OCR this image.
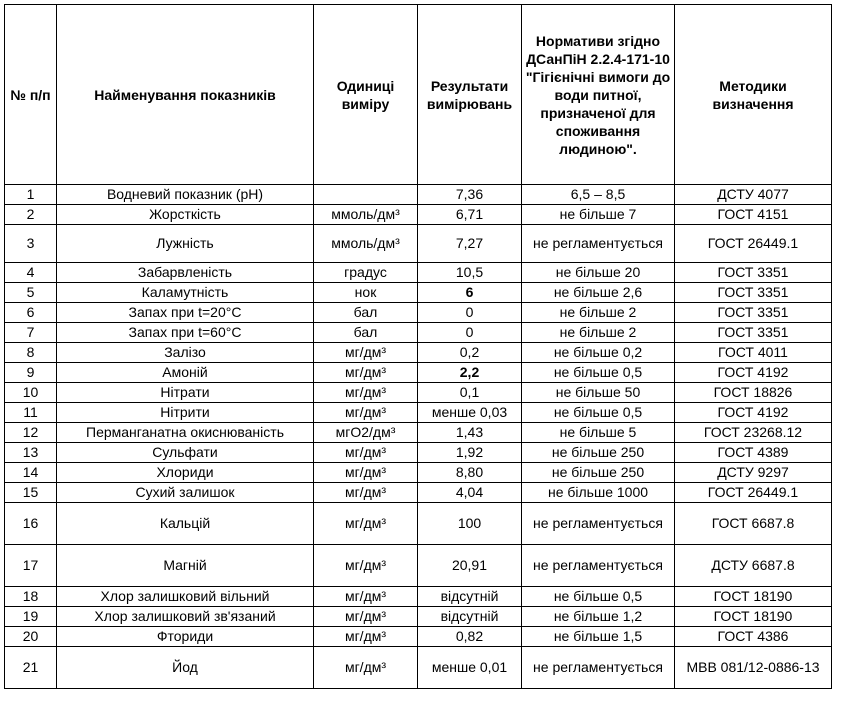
№ п/п	Найменування показників	Одиниці виміру	Результати вимірювань	Нормативи згідно ДСанПіН 2.2.4-171-10 "Гігієнічні вимоги до води питної, призначеної для споживання людиною".	Методики визначення
1	Водневий показник (pH)		7,36	6,5 – 8,5	ДСТУ 4077
2	Жорсткість	ммоль/дм³	6,71	не більше 7	ГОСТ 4151
3	Лужність	ммоль/дм³	7,27	не регламентується	ГОСТ 26449.1
4	Забарвленість	градус	10,5	не більше 20	ГОСТ 3351
5	Каламутність	нок	6	не більше 2,6	ГОСТ 3351
6	Запах при t=20°C	бал	0	не більше 2	ГОСТ 3351
7	Запах при t=60°C	бал	0	не більше 2	ГОСТ 3351
8	Залізо	мг/дм³	0,2	не більше 0,2	ГОСТ 4011
9	Амоній	мг/дм³	2,2	не більше 0,5	ГОСТ 4192
10	Нітрати	мг/дм³	0,1	не більше 50	ГОСТ 18826
11	Нітрити	мг/дм³	менше 0,03	не більше 0,5	ГОСТ 4192
12	Перманганатна окиснюваність	мгО2/дм³	1,43	не більше 5	ГОСТ 23268.12
13	Сульфати	мг/дм³	1,92	не більше 250	ГОСТ 4389
14	Хлориди	мг/дм³	8,80	не більше 250	ДСТУ 9297
15	Сухий залишок	мг/дм³	4,04	не більше 1000	ГОСТ 26449.1
16	Кальцій	мг/дм³	100	не регламентується	ГОСТ 6687.8
17	Магній	мг/дм³	20,91	не регламентується	ДСТУ 6687.8
18	Хлор залишковий вільний	мг/дм³	відсутній	не більше 0,5	ГОСТ 18190
19	Хлор залишковий зв'язаний	мг/дм³	відсутній	не більше 1,2	ГОСТ 18190
20	Фториди	мг/дм³	0,82	не більше 1,5	ГОСТ 4386
21	Йод	мг/дм³	менше 0,01	не регламентується	МВВ 081/12-0886-13
